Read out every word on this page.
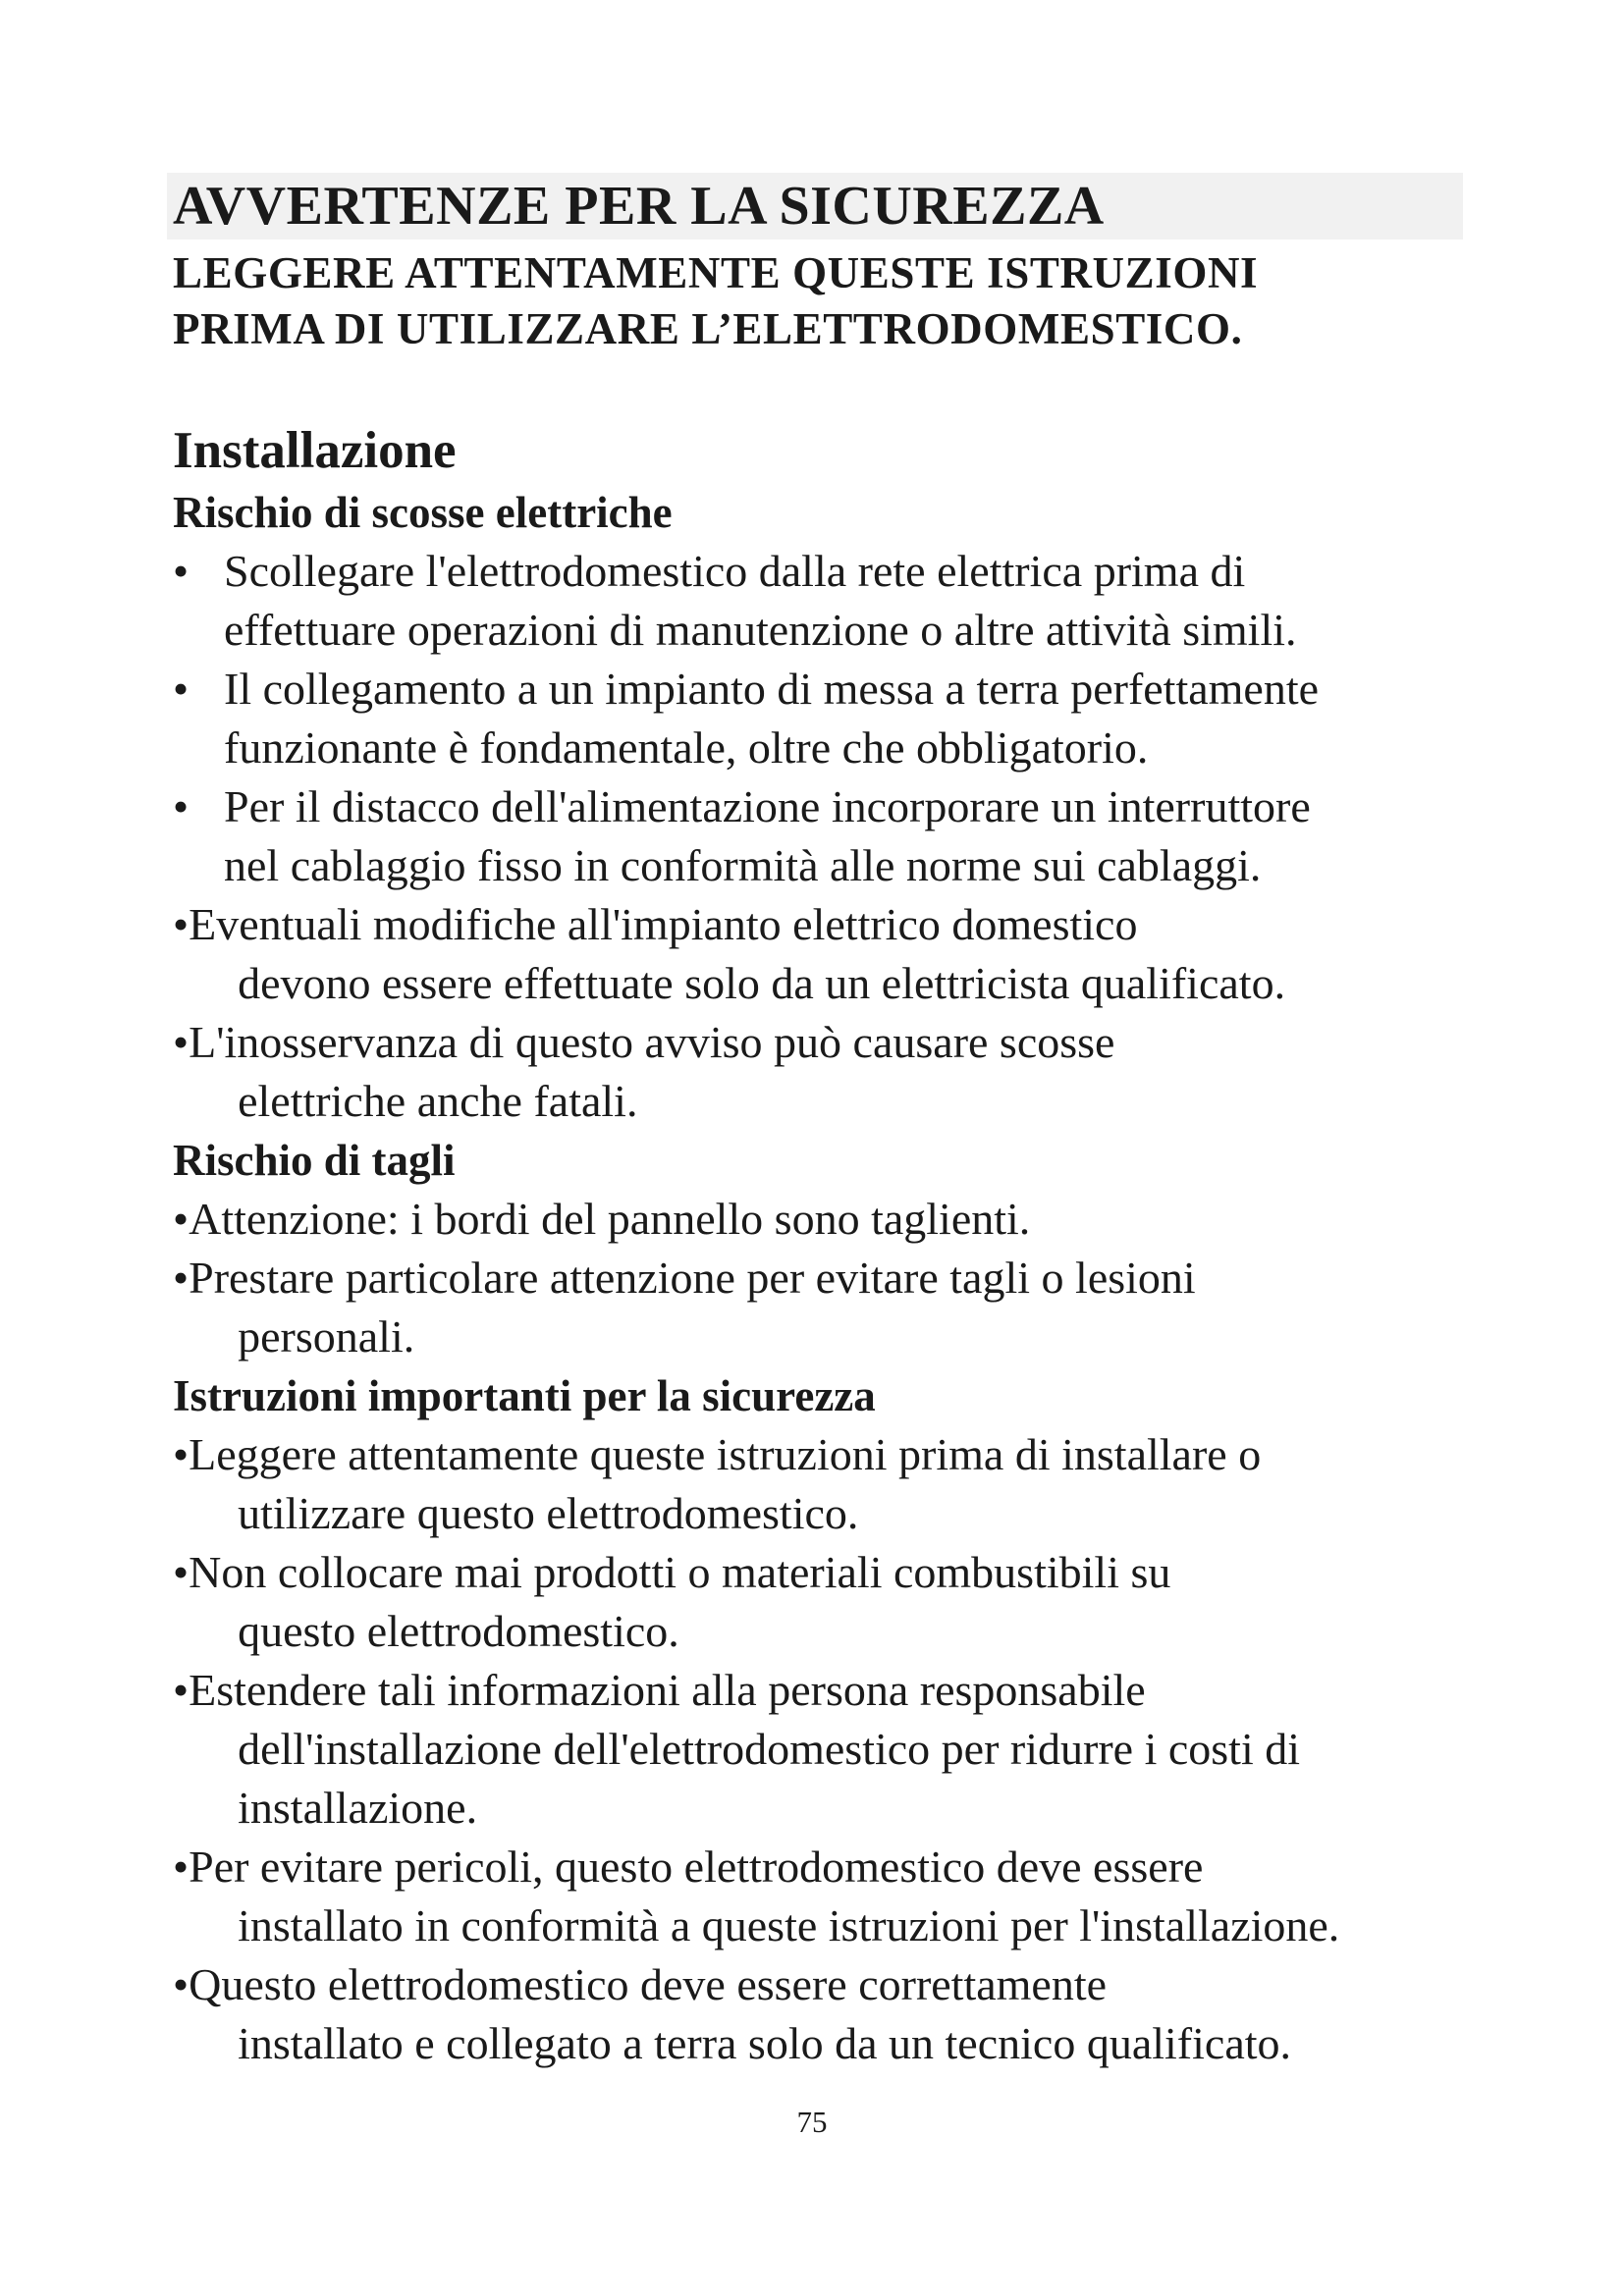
AVVERTENZE PER LA SICUREZZA
LEGGERE ATTENTAMENTE QUESTE ISTRUZIONI
PRIMA DI UTILIZZARE L’ELETTRODOMESTICO.
Installazione
Rischio di scosse elettriche
• Scollegare l'elettrodomestico dalla rete elettrica prima di
effettuare operazioni di manutenzione o altre attività simili.
• Il collegamento a un impianto di messa a terra perfettamente
funzionante è fondamentale, oltre che obbligatorio.
• Per il distacco dell'alimentazione incorporare un interruttore
nel cablaggio fisso in conformità alle norme sui cablaggi.
• Eventuali modifiche all'impianto elettrico domestico
devono essere effettuate solo da un elettricista qualificato.
• L'inosservanza di questo avviso può causare scosse
elettriche anche fatali.
Rischio di tagli
• Attenzione: i bordi del pannello sono taglienti.
• Prestare particolare attenzione per evitare tagli o lesioni
personali.
Istruzioni importanti per la sicurezza
• Leggere attentamente queste istruzioni prima di installare o
utilizzare questo elettrodomestico.
• Non collocare mai prodotti o materiali combustibili su
questo elettrodomestico.
• Estendere tali informazioni alla persona responsabile
dell'installazione dell'elettrodomestico per ridurre i costi di
installazione.
• Per evitare pericoli, questo elettrodomestico deve essere
installato in conformità a queste istruzioni per l'installazione.
• Questo elettrodomestico deve essere correttamente
installato e collegato a terra solo da un tecnico qualificato.
75
